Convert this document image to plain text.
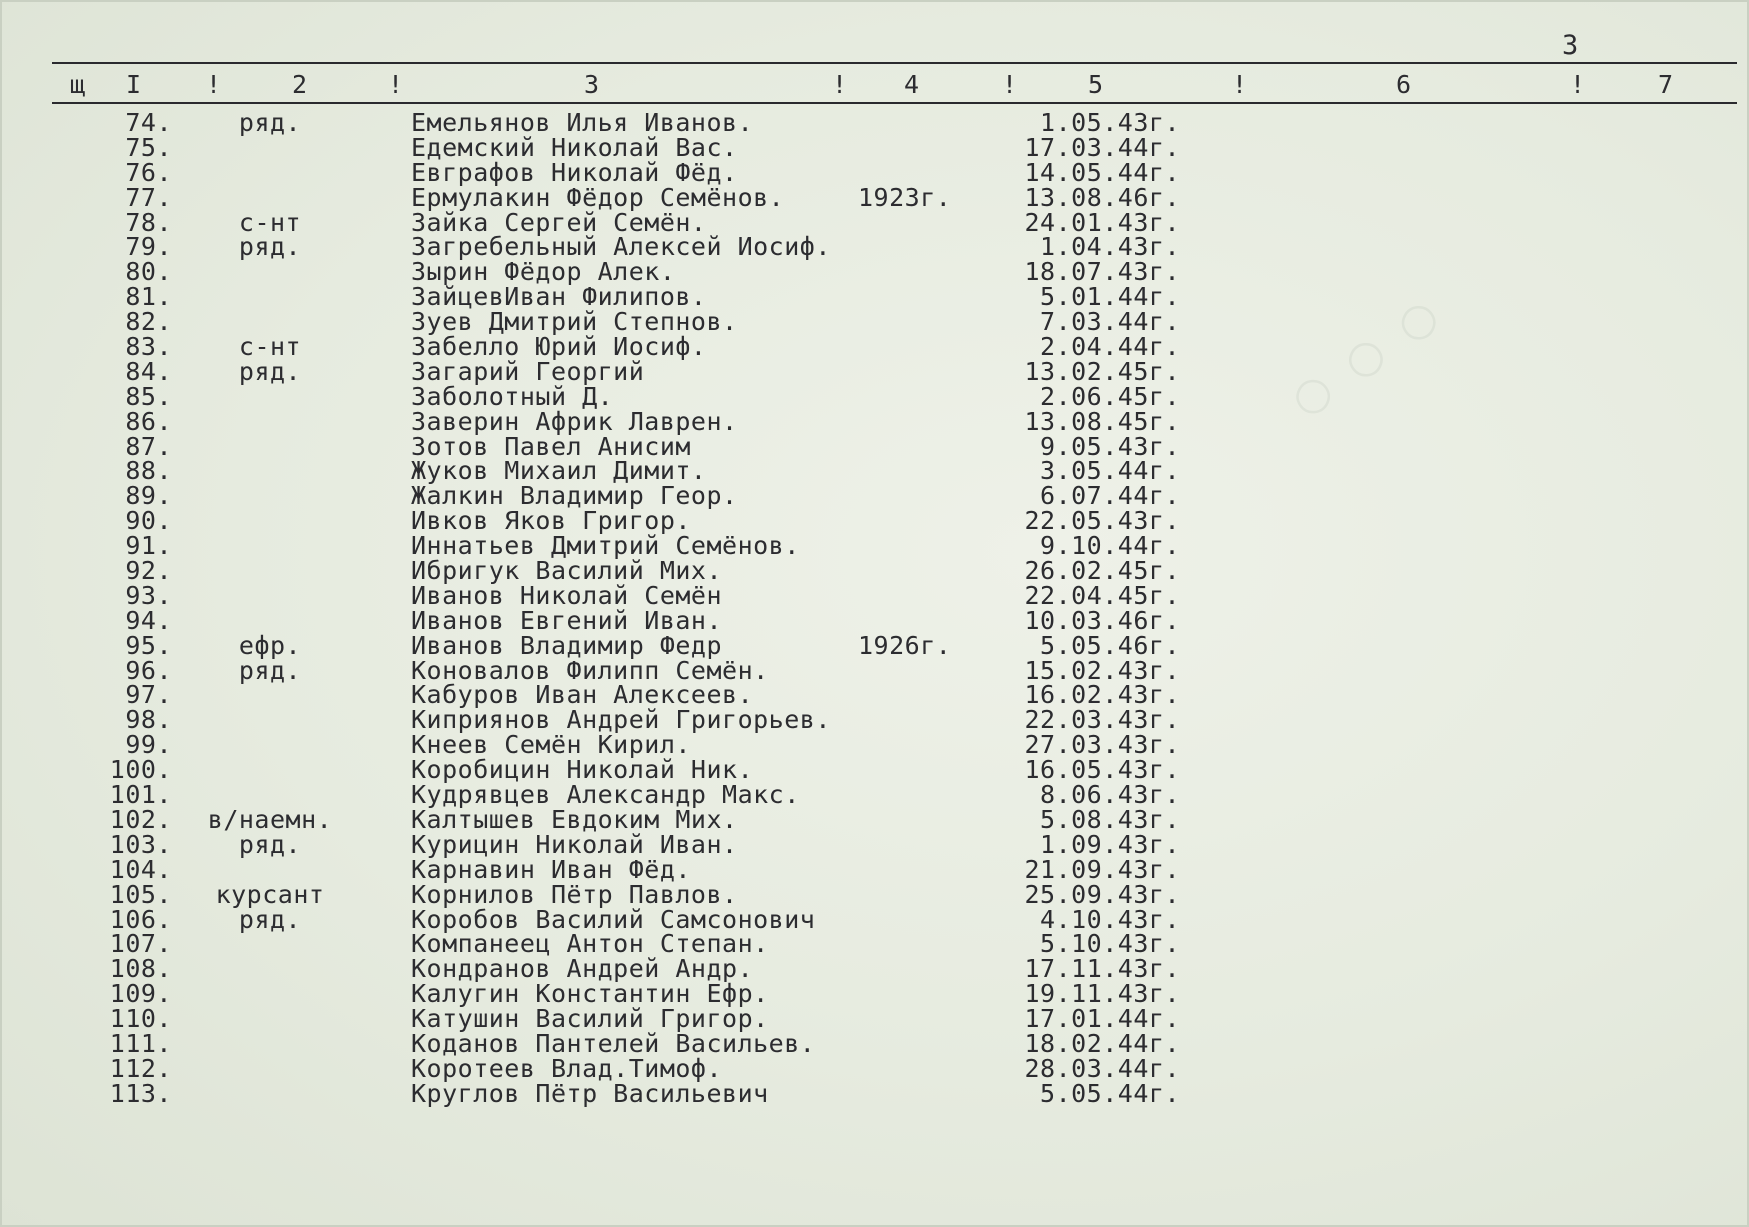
3
щ I	!	2	!	3	! 4	!	5	!	6	!	7
74.	ряд.	Емельянов Илья Иванов.	1.05.43г.
75.	Едемский Николай Вас.	17.03.44г.
76.	Евграфов Николай Фёд.	14.05.44г.
77.	Ермулакин Фёдор Семёнов.	1923г.	13.08.46г.
78.	с-нт	Зайка Сергей Семён.	24.01.43г.
79.	ряд.	Загребельный Алексей Иосиф.	1.04.43г.
80.	Зырин Фёдор Алек.	18.07.43г.
81.	ЗайцевИван Филипов.	5.01.44г.
82.	Зуев Дмитрий Степнов.	7.03.44г.
83.	с-нт	Забелло Юрий Иосиф.	2.04.44г.
84.	ряд.	Загарий Георгий	13.02.45г.
85.	Заболотный Д.	2.06.45г.
86.	Заверин Африк Лаврен.	13.08.45г.
87.	Зотов Павел Анисим	9.05.43г.
88.	Жуков Михаил Димит.	3.05.44г.
89.	Жалкин Владимир Геор.	6.07.44г.
90.	Ивков Яков Григор.	22.05.43г.
91.	Иннатьев Дмитрий Семёнов.	9.10.44г.
92.	Ибригук Василий Мих.	26.02.45г.
93.	Иванов Николай Семён	22.04.45г.
94.	Иванов Евгений Иван.	10.03.46г.
95.	ефр.	Иванов Владимир Федр	1926г.	5.05.46г.
96.	ряд.	Коновалов Филипп Семён.	15.02.43г.
97.	Кабуров Иван Алексеев.	16.02.43г.
98.	Киприянов Андрей Григорьев.	22.03.43г.
99.	Кнеев Семён Кирил.	27.03.43г.
100.	Коробицин Николай Ник.	16.05.43г.
101.	Кудрявцев Александр Макс.	8.06.43г.
102.	в/наемн.	Калтышев Евдоким Мих.	5.08.43г.
103.	ряд.	Курицин Николай Иван.	1.09.43г.
104.	Карнавин Иван Фёд.	21.09.43г.
105.	курсант	Корнилов Пётр Павлов.	25.09.43г.
106.	ряд.	Коробов Василий Самсонович	4.10.43г.
107.	Компанеец Антон Степан.	5.10.43г.
108.	Кондранов Андрей Андр.	17.11.43г.
109.	Калугин Константин Ефр.	19.11.43г.
110.	Катушин Василий Григор.	17.01.44г.
111.	Коданов Пантелей Васильев.	18.02.44г.
112.	Коротеев Влад.Тимоф.	28.03.44г.
113.	Круглов Пётр Васильевич	5.05.44г.
○ ○ ○
